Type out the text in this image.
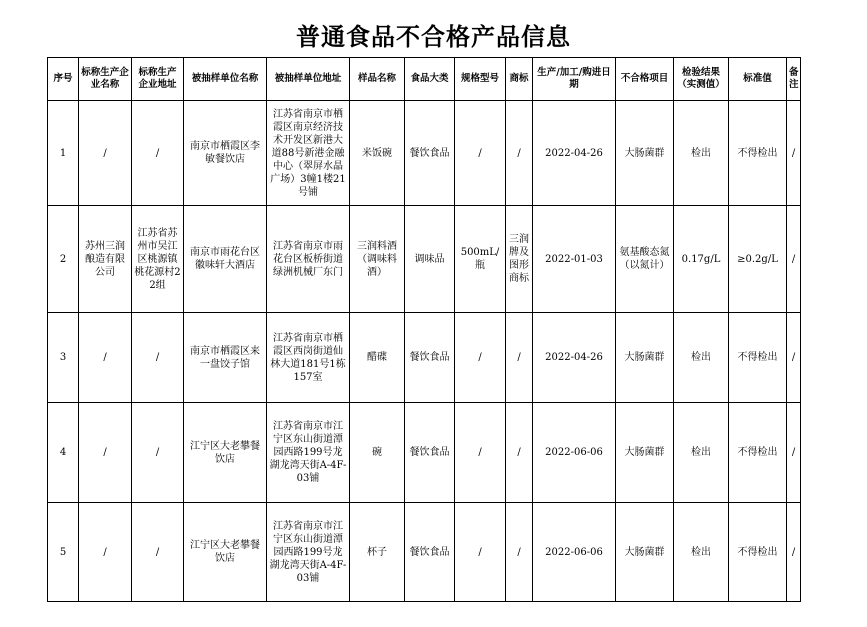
普通食品不合格产品信息
序号	标称生产企业名称	标称生产企业地址	被抽样单位名称	被抽样单位地址	样品名称	食品大类	规格型号	商标	生产/加工/购进日期	不合格项目	检验结果（实测值）	标准值	备注
1	/	/	南京市栖霞区李敏餐饮店	江苏省南京市栖霞区南京经济技术开发区新港大道88号新港金融中心（翠屏水晶广场）3幢1楼21号铺	米饭碗	餐饮食品	/	/	2022-04-26	大肠菌群	检出	不得检出	/
2	苏州三润酿造有限公司	江苏省苏州市吴江区桃源镇桃花源村22组	南京市雨花台区徽味轩大酒店	江苏省南京市雨花台区板桥街道绿洲机械厂东门	三润料酒（调味料酒）	调味品	500mL/瓶	三润牌及图形商标	2022-01-03	氨基酸态氮（以氮计）	0.17g/L	≥0.2g/L	/
3	/	/	南京市栖霞区来一盘饺子馆	江苏省南京市栖霞区西岗街道仙林大道181号1栋157室	醋碟	餐饮食品	/	/	2022-04-26	大肠菌群	检出	不得检出	/
4	/	/	江宁区大老攀餐饮店	江苏省南京市江宁区东山街道潭园西路199号龙湖龙湾天街A-4F-03铺	碗	餐饮食品	/	/	2022-06-06	大肠菌群	检出	不得检出	/
5	/	/	江宁区大老攀餐饮店	江苏省南京市江宁区东山街道潭园西路199号龙湖龙湾天街A-4F-03铺	杯子	餐饮食品	/	/	2022-06-06	大肠菌群	检出	不得检出	/
